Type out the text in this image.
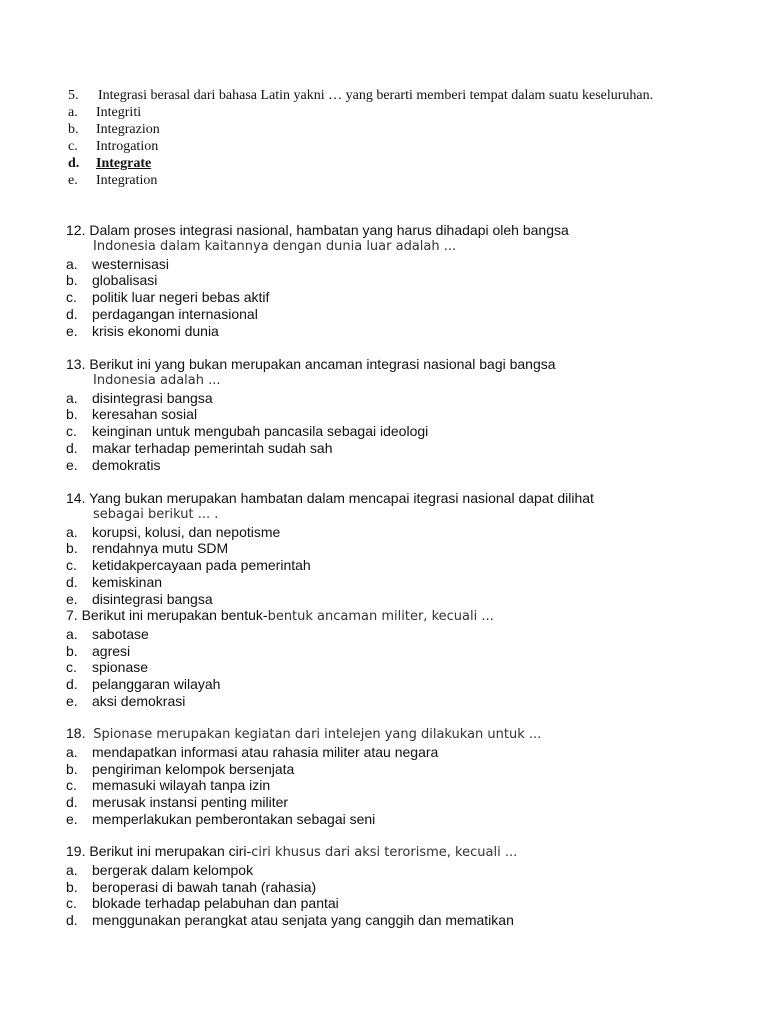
5.	Integrasi berasal dari bahasa Latin yakni … yang berarti memberi tempat dalam suatu keseluruhan.
a.	Integriti
b.	Integrazion
c.	Introgation
d.	Integrate
e.	Integration
12. Dalam proses integrasi nasional, hambatan yang harus dihadapi oleh bangsa
Indonesia dalam kaitannya dengan dunia luar adalah ...
a. westernisasi
b. globalisasi
c. politik luar negeri bebas aktif
d. perdagangan internasional
e. krisis ekonomi dunia
13. Berikut ini yang bukan merupakan ancaman integrasi nasional bagi bangsa
Indonesia adalah ...
a. disintegrasi bangsa
b. keresahan sosial
c. keinginan untuk mengubah pancasila sebagai ideologi
d. makar terhadap pemerintah sudah sah
e. demokratis
14. Yang bukan merupakan hambatan dalam mencapai itegrasi nasional dapat dilihat
sebagai berikut ... .
a. korupsi, kolusi, dan nepotisme
b. rendahnya mutu SDM
c. ketidakpercayaan pada pemerintah
d. kemiskinan
e. disintegrasi bangsa
7. Berikut ini merupakan bentuk-bentuk ancaman militer, kecuali ...
a. sabotase
b. agresi
c. spionase
d. pelanggaran wilayah
e. aksi demokrasi
18.  Spionase merupakan kegiatan dari intelejen yang dilakukan untuk ...
a. mendapatkan informasi atau rahasia militer atau negara
b. pengiriman kelompok bersenjata
c. memasuki wilayah tanpa izin
d. merusak instansi penting militer
e. memperlakukan pemberontakan sebagai seni
19. Berikut ini merupakan ciri-ciri khusus dari aksi terorisme, kecuali ...
a. bergerak dalam kelompok
b. beroperasi di bawah tanah (rahasia)
c. blokade terhadap pelabuhan dan pantai
d. menggunakan perangkat atau senjata yang canggih dan mematikan
